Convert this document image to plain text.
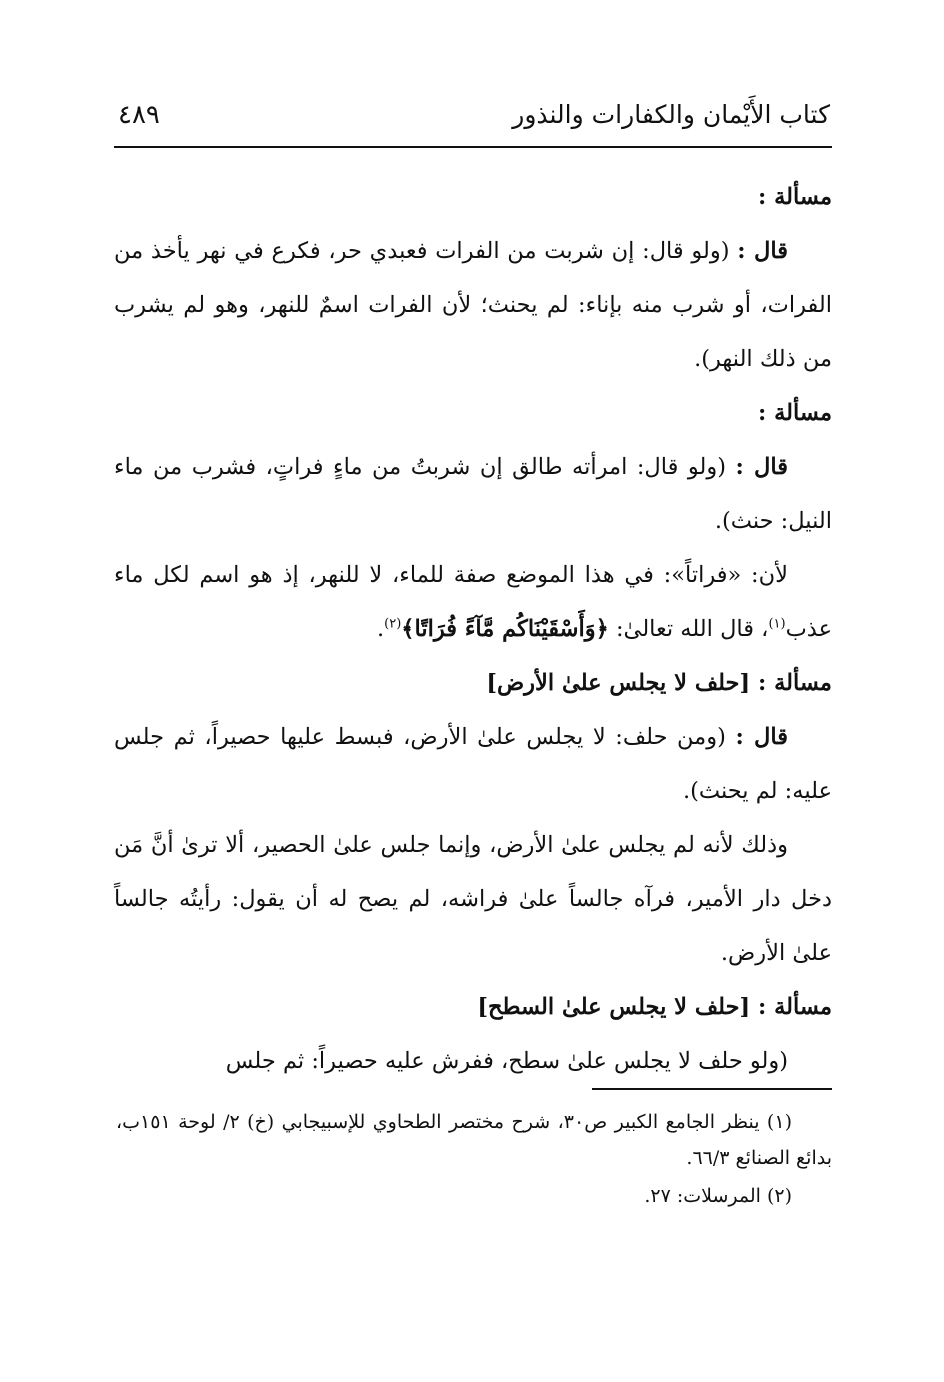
كتاب الأَيْمان والكفارات والنذور
٤٨٩
مسألة :
قال : (ولو قال: إن شربت من الفرات فعبدي حر، فكرع في نهر يأخذ من الفرات، أو شرب منه بإناء: لم يحنث؛ لأن الفرات اسمٌ للنهر، وهو لم يشرب من ذلك النهر).
مسألة :
قال : (ولو قال: امرأته طالق إن شربتُ من ماءٍ فراتٍ، فشرب من ماء النيل: حنث).
لأن: «فراتاً»: في هذا الموضع صفة للماء، لا للنهر، إذ هو اسم لكل ماء عذب$^{(١)}$، قال الله تعالىٰ: ﴿وَأَسْقَيْنَاكُم مَّآءً فُرَاتًا﴾$^{(٢)}$.
مسألة : [حلف لا يجلس علىٰ الأرض]
قال : (ومن حلف: لا يجلس علىٰ الأرض، فبسط عليها حصيراً، ثم جلس عليه: لم يحنث).
وذلك لأنه لم يجلس علىٰ الأرض، وإنما جلس علىٰ الحصير، ألا ترىٰ أنَّ مَن دخل دار الأمير، فرآه جالساً علىٰ فراشه، لم يصح له أن يقول: رأيتُه جالساً علىٰ الأرض.
مسألة : [حلف لا يجلس علىٰ السطح]
(ولو حلف لا يجلس علىٰ سطح، ففرش عليه حصيراً: ثم جلس
(١) ينظر الجامع الكبير ص٣٠، شرح مختصر الطحاوي للإسبيجابي (خ) ٢/ لوحة ١٥١ب، بدائع الصنائع ٦٦/٣.
(٢) المرسلات: ٢٧.
